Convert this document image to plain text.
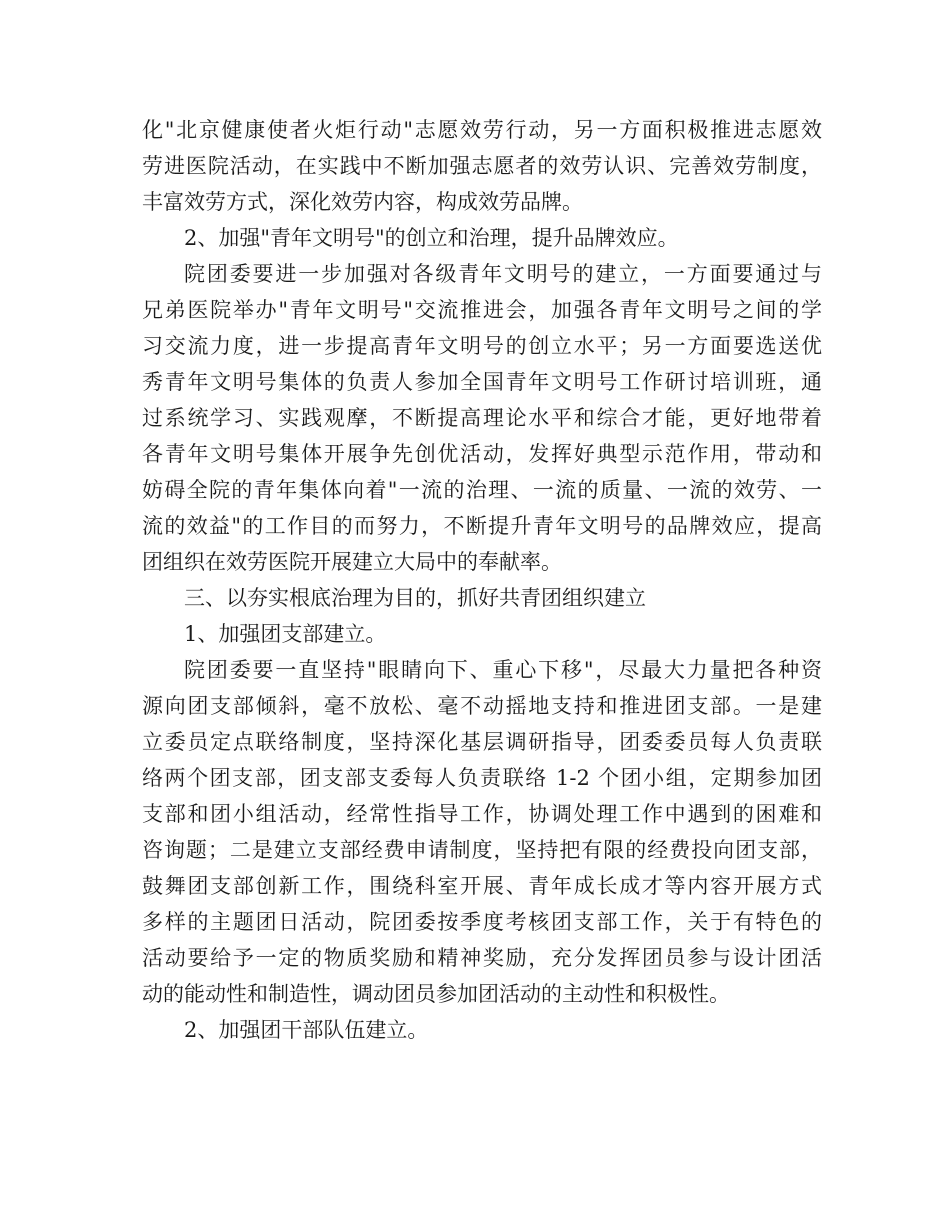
化"北京健康使者火炬行动"志愿效劳行动，另一方面积极推进志愿效
劳进医院活动，在实践中不断加强志愿者的效劳认识、完善效劳制度，
丰富效劳方式，深化效劳内容，构成效劳品牌。
2、加强"青年文明号"的创立和治理，提升品牌效应。
院团委要进一步加强对各级青年文明号的建立，一方面要通过与
兄弟医院举办"青年文明号"交流推进会，加强各青年文明号之间的学
习交流力度，进一步提高青年文明号的创立水平；另一方面要选送优
秀青年文明号集体的负责人参加全国青年文明号工作研讨培训班，通
过系统学习、实践观摩，不断提高理论水平和综合才能，更好地带着
各青年文明号集体开展争先创优活动，发挥好典型示范作用，带动和
妨碍全院的青年集体向着"一流的治理、一流的质量、一流的效劳、一
流的效益"的工作目的而努力，不断提升青年文明号的品牌效应，提高
团组织在效劳医院开展建立大局中的奉献率。
三、以夯实根底治理为目的，抓好共青团组织建立
1、加强团支部建立。
院团委要一直坚持"眼睛向下、重心下移"，尽最大力量把各种资
源向团支部倾斜，毫不放松、毫不动摇地支持和推进团支部。一是建
立委员定点联络制度，坚持深化基层调研指导，团委委员每人负责联
络两个团支部，团支部支委每人负责联络 1-2 个团小组，定期参加团
支部和团小组活动，经常性指导工作，协调处理工作中遇到的困难和
咨询题；二是建立支部经费申请制度，坚持把有限的经费投向团支部，
鼓舞团支部创新工作，围绕科室开展、青年成长成才等内容开展方式
多样的主题团日活动，院团委按季度考核团支部工作，关于有特色的
活动要给予一定的物质奖励和精神奖励，充分发挥团员参与设计团活
动的能动性和制造性，调动团员参加团活动的主动性和积极性。
2、加强团干部队伍建立。
